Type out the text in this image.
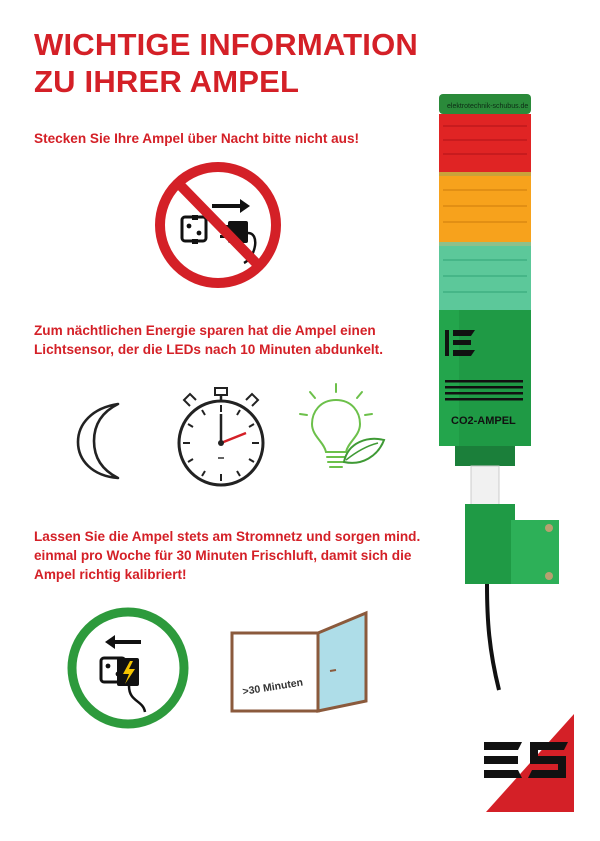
WICHTIGE INFORMATION ZU IHRER AMPEL

Stecken Sie Ihre Ampel über Nacht bitte nicht aus!

Zum nächtlichen Energie sparen hat die Ampel einen Lichtsensor, der die LEDs nach 10 Minuten abdunkelt.

Lassen Sie die Ampel stets am Stromnetz und sorgen mind. einmal pro Woche für 30 Minuten Frischluft, damit sich die Ampel richtig kalibriert!

>30 Minuten
elektrotechnik-schubus.de
CO2-AMPEL
